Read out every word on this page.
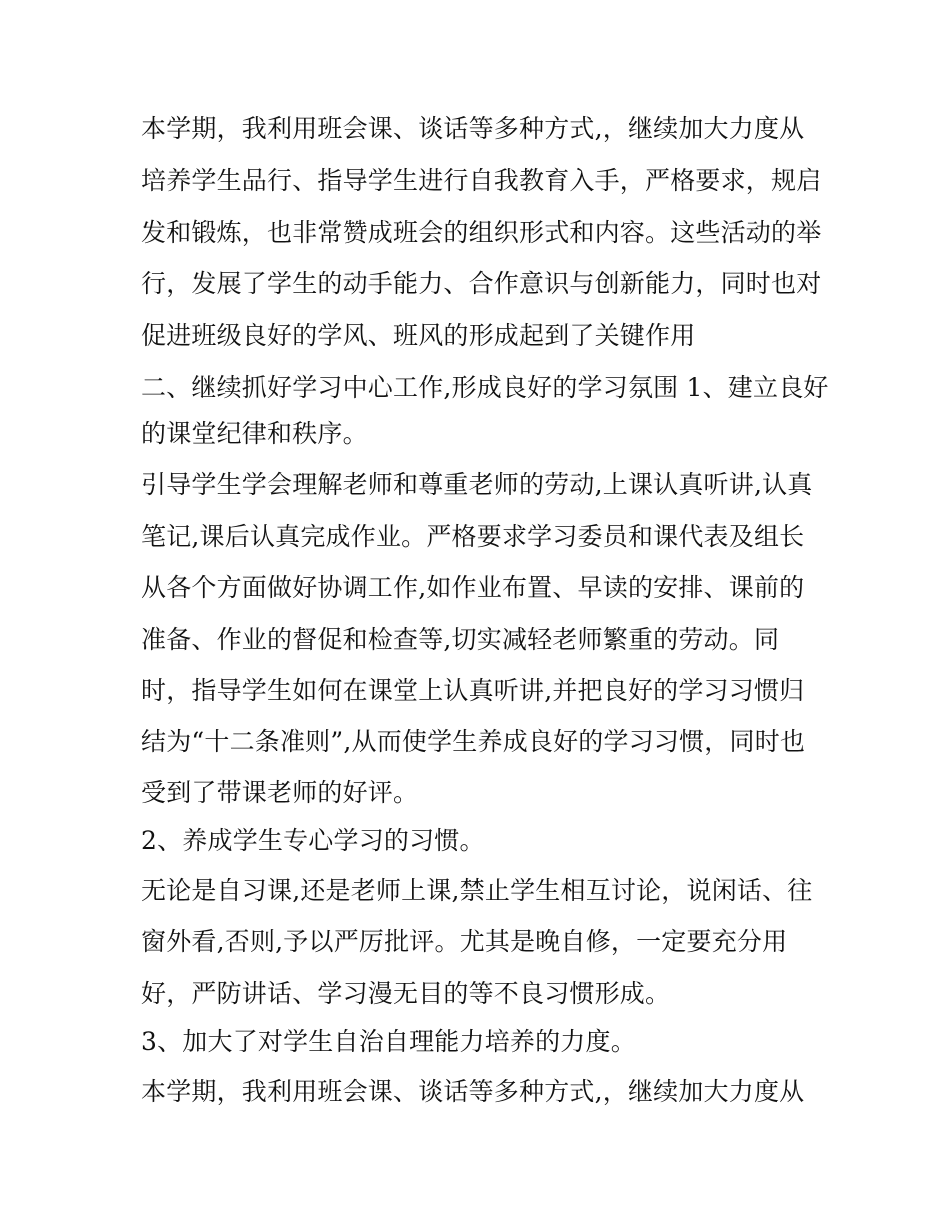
本学期，我利用班会课、谈话等多种方式,，继续加大力度从
培养学生品行、指导学生进行自我教育入手，严格要求，规启
发和锻炼，也非常赞成班会的组织形式和内容。这些活动的举
行，发展了学生的动手能力、合作意识与创新能力，同时也对
促进班级良好的学风、班风的形成起到了关键作用
二、继续抓好学习中心工作,形成良好的学习氛围 1、建立良好
的课堂纪律和秩序。
引导学生学会理解老师和尊重老师的劳动,上课认真听讲,认真
笔记,课后认真完成作业。严格要求学习委员和课代表及组长
从各个方面做好协调工作,如作业布置、早读的安排、课前的
准备、作业的督促和检查等,切实减轻老师繁重的劳动。同
时，指导学生如何在课堂上认真听讲,并把良好的学习习惯归
结为“十二条准则”,从而使学生养成良好的学习习惯，同时也
受到了带课老师的好评。
2、养成学生专心学习的习惯。
无论是自习课,还是老师上课,禁止学生相互讨论，说闲话、往
窗外看,否则,予以严厉批评。尤其是晚自修，一定要充分用
好，严防讲话、学习漫无目的等不良习惯形成。
3、加大了对学生自治自理能力培养的力度。
本学期，我利用班会课、谈话等多种方式,，继续加大力度从
